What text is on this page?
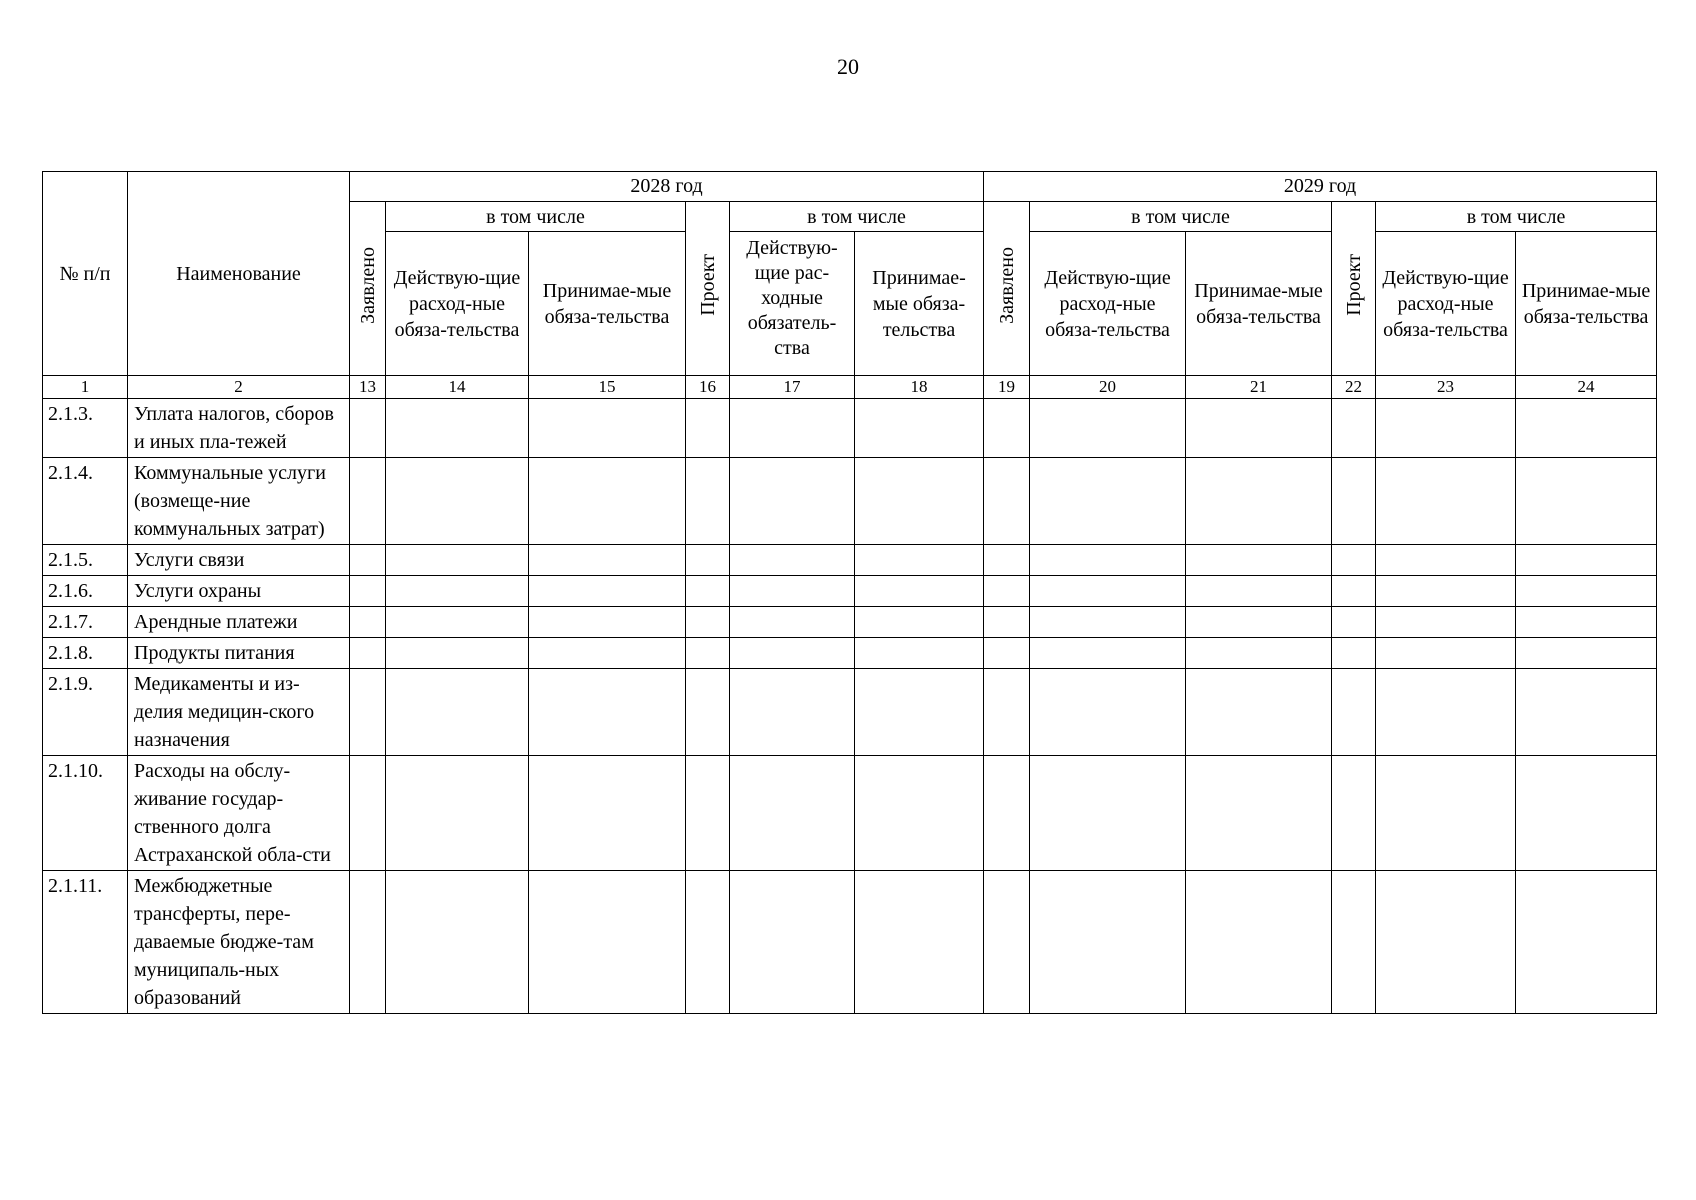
20
№ п/п	Наименование	2028 год						2029 год					
		Заявлено	в том числе		Проект	в том числе		Заявлено	в том числе		Проект	в том числе	
			Действую-щие расход-ные обяза-тельства	Принимае-мые обяза-тельства		Действую-щие рас-ходные обязатель-ства	Принимае-мые обяза-тельства		Действую-щие расход-ные обяза-тельства	Принимае-мые обяза-тельства		Действую-щие расход-ные обяза-тельства	Принимае-мые обяза-тельства
1	2	13	14	15	16	17	18	19	20	21	22	23	24
2.1.3.	Уплата налогов, сборов и иных пла-тежей												
2.1.4.	Коммунальные услуги (возмеще-ние коммунальных затрат)												
2.1.5.	Услуги связи												
2.1.6.	Услуги охраны												
2.1.7.	Арендные платежи												
2.1.8.	Продукты питания												
2.1.9.	Медикаменты и из-делия медицин-ского назначения												
2.1.10.	Расходы на обслу-живание государ-ственного долга Астраханской обла-сти												
2.1.11.	Межбюджетные трансферты, пере-даваемые бюдже-там муниципаль-ных образований												
